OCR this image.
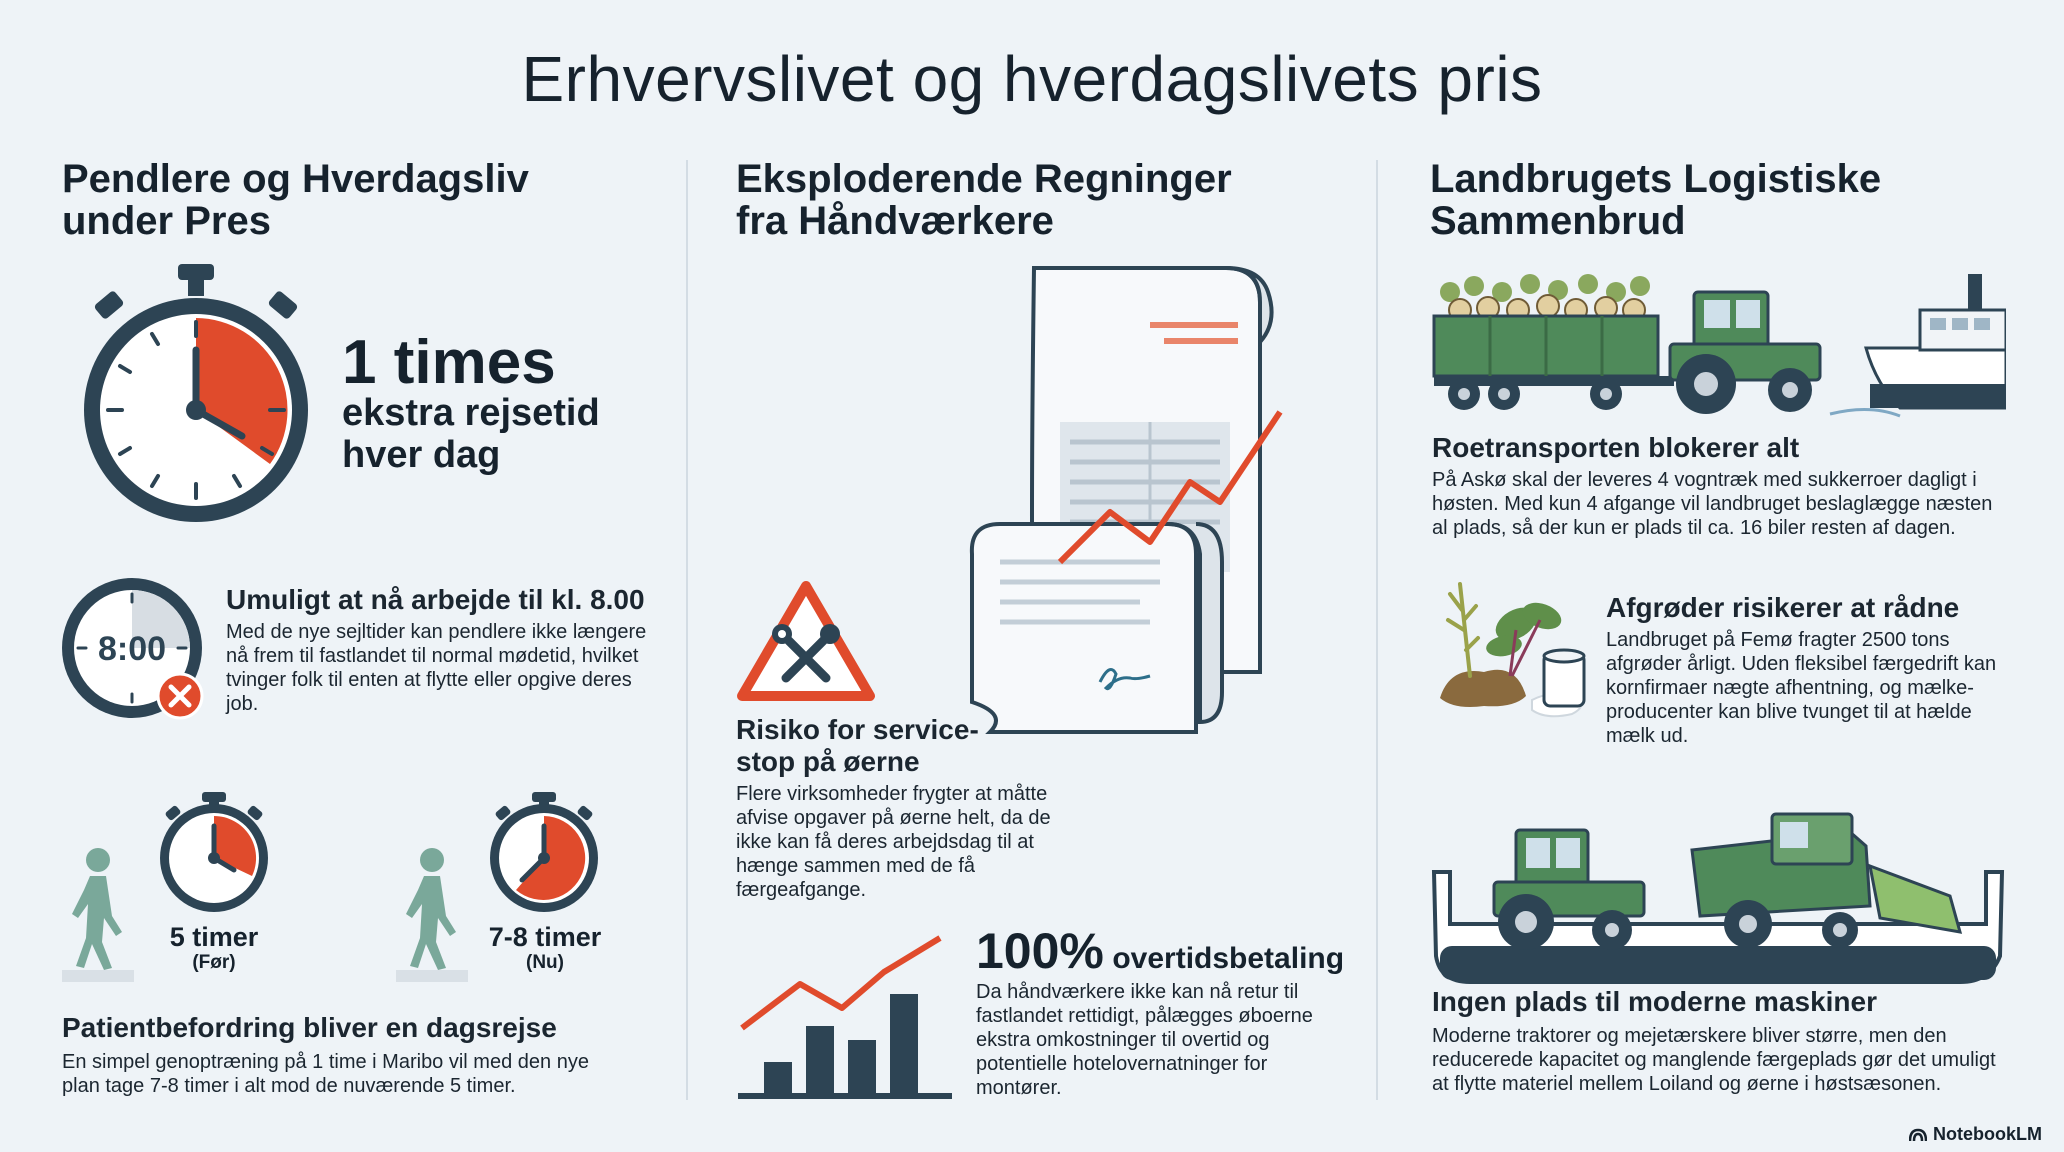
Erhvervslivet og hverdagslivets pris
Pendlere og Hverdagsliv under Pres
1 times
ekstra rejsetid hver dag
8:00
Umuligt at nå arbejde til kl. 8.00
Med de nye sejltider kan pendlere ikke længere nå frem til fastlandet til normal mødetid, hvilket tvinger folk til enten at flytte eller opgive deres job.
5 timer
(Før)
7-8 timer
(Nu)
Patientbefordring bliver en dagsrejse
En simpel genoptræning på 1 time i Maribo vil med den nye plan tage 7-8 timer i alt mod de nuværende 5 timer.
Eksploderende Regninger fra Håndværkere
Risiko for service-stop på øerne
Flere virksomheder frygter at måtte afvise opgaver på øerne helt, da de ikke kan få deres arbejdsdag til at hænge sammen med de få færgeafgange.
100% overtidsbetaling
Da håndværkere ikke kan nå retur til fastlandet rettidigt, pålægges øboerne ekstra omkostninger til overtid og potentielle hotelovernatninger for montører.
Landbrugets Logistiske Sammenbrud
Roetransporten blokerer alt
På Askø skal der leveres 4 vogntræk med sukkerroer dagligt i høsten. Med kun 4 afgange vil landbruget beslaglægge næsten al plads, så der kun er plads til ca. 16 biler resten af dagen.
Afgrøder risikerer at rådne
Landbruget på Femø fragter 2500 tons afgrøder årligt. Uden fleksibel færgedrift kan kornfirmaer nægte afhentning, og mælke-producenter kan blive tvunget til at hælde mælk ud.
Ingen plads til moderne maskiner
Moderne traktorer og mejetærskere bliver større, men den reducerede kapacitet og manglende færgeplads gør det umuligt at flytte materiel mellem Loiland og øerne i høstsæsonen.
NotebookLM
